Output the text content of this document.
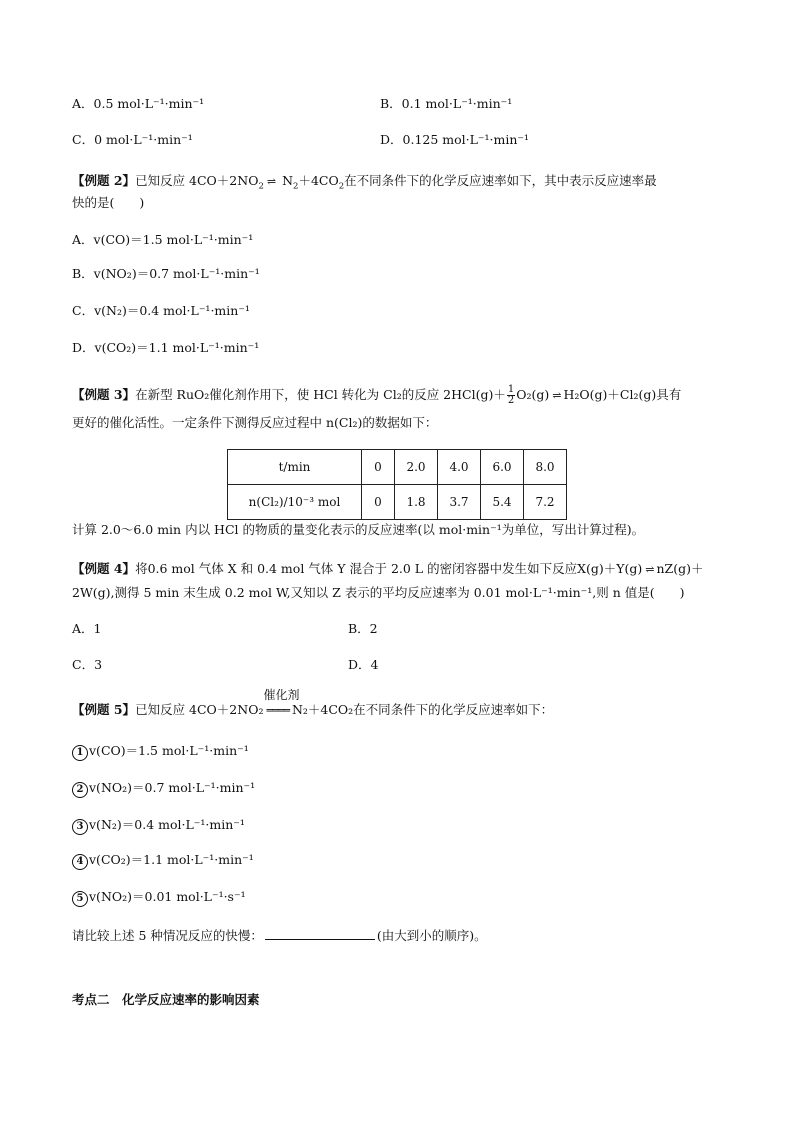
A．0.5 mol·L⁻¹·min⁻¹	B．0.1 mol·L⁻¹·min⁻¹
C．0 mol·L⁻¹·min⁻¹	D．0.125 mol·L⁻¹·min⁻¹
【例题 2】已知反应 $4CO+2NO_2$ ⇌ $N_2+4CO_2$在不同条件下的化学反应速率如下，其中表示反应速率最
快的是(　　)
A．v(CO)＝1.5 mol·L⁻¹·min⁻¹
B．v(NO₂)＝0.7 mol·L⁻¹·min⁻¹
C．v(N₂)＝0.4 mol·L⁻¹·min⁻¹
D．v(CO₂)＝1.1 mol·L⁻¹·min⁻¹
【例题 3】在新型 RuO₂催化剂作用下，使 HCl 转化为 Cl₂的反应 $2HCl(g)+ \frac{1}{2} O_2(g)$ ⇌ H₂O(g)＋Cl₂(g)具有
更好的催化活性。一定条件下测得反应过程中 n(Cl₂)的数据如下：
t/min	0	2.0	4.0	6.0	8.0
n(Cl₂)/10⁻³ mol	0	1.8	3.7	5.4	7.2
计算 2.0～6.0 min 内以 HCl 的物质的量变化表示的反应速率(以 mol·min⁻¹为单位，写出计算过程)。
【例题 4】将0.6 mol 气体 X 和 0.4 mol 气体 Y 混合于 2.0 L 的密闭容器中发生如下反应X(g)＋Y(g) ⇌ nZ(g)＋
2W(g),测得 5 min 末生成 0.2 mol W,又知以 Z 表示的平均反应速率为 0.01 mol·L⁻¹·min⁻¹,则 n 值是(　　)
A．1	B．2
C．3	D．4
【例题 5】已知反应 4CO＋2NO₂
催化剂
════ N₂＋4CO₂在不同条件下的化学反应速率如下：
1 v(CO)＝1.5 mol·L⁻¹·min⁻¹
2 v(NO₂)＝0.7 mol·L⁻¹·min⁻¹
3 v(N₂)＝0.4 mol·L⁻¹·min⁻¹
4 v(CO₂)＝1.1 mol·L⁻¹·min⁻¹
5 v(NO₂)＝0.01 mol·L⁻¹·s⁻¹
请比较上述 5 种情况反应的快慢：	(由大到小的顺序)。
考点二　化学反应速率的影响因素
